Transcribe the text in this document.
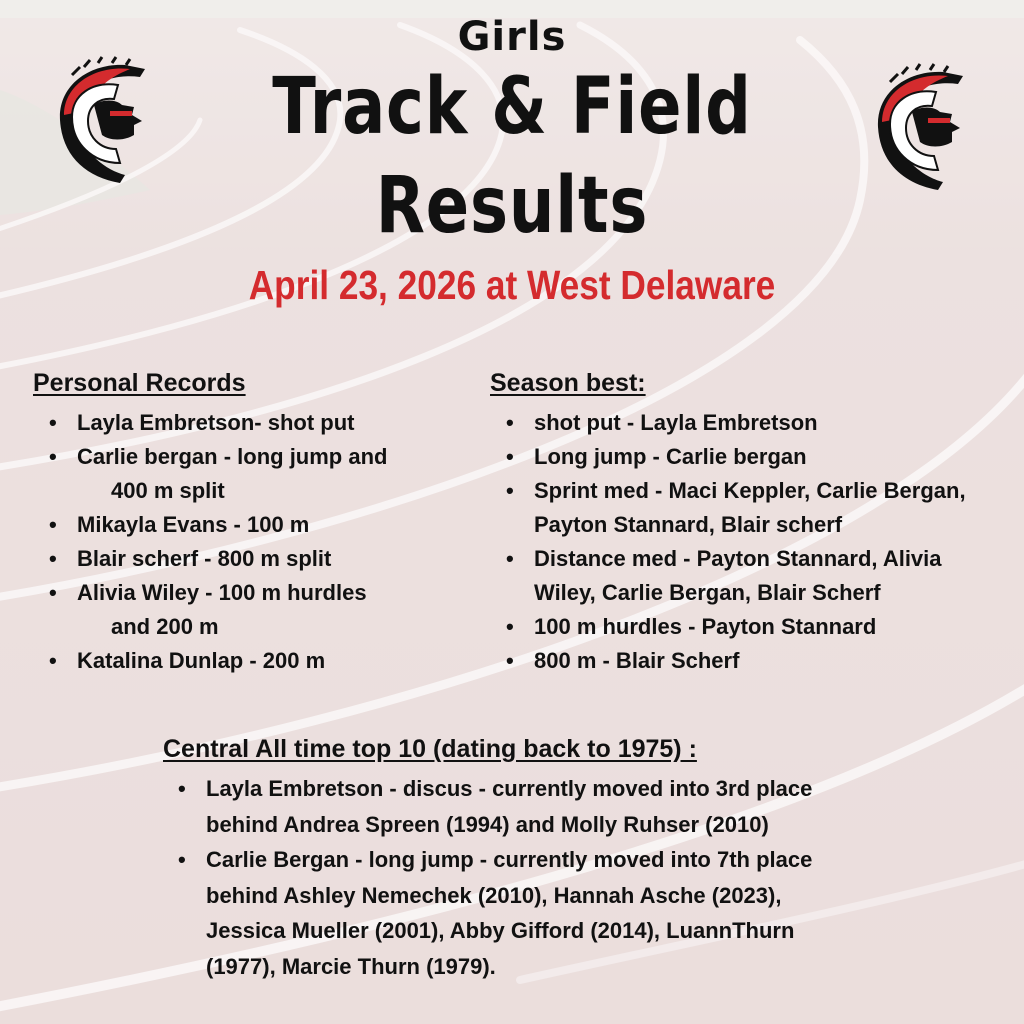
Girls
Track & Field
Results
April 23, 2026 at West Delaware
Personal Records
• Layla Embretson- shot put
• Carlie bergan - long jump and
400 m split
• Mikayla Evans - 100 m
• Blair scherf - 800 m split
• Alivia Wiley - 100 m hurdles
and 200 m
• Katalina Dunlap - 200 m
Season best:
• shot put - Layla Embretson
• Long jump - Carlie bergan
• Sprint med - Maci Keppler, Carlie Bergan,
Payton Stannard, Blair scherf
• Distance med - Payton Stannard, Alivia
Wiley, Carlie Bergan, Blair Scherf
• 100 m hurdles - Payton Stannard
• 800 m - Blair Scherf
Central All time top 10 (dating back to 1975) :
• Layla Embretson - discus - currently moved into 3rd place
behind Andrea Spreen (1994) and Molly Ruhser (2010)
• Carlie Bergan - long jump - currently moved into 7th place
behind Ashley Nemechek (2010), Hannah Asche (2023),
Jessica Mueller (2001), Abby Gifford (2014), LuannThurn
(1977), Marcie Thurn (1979).
